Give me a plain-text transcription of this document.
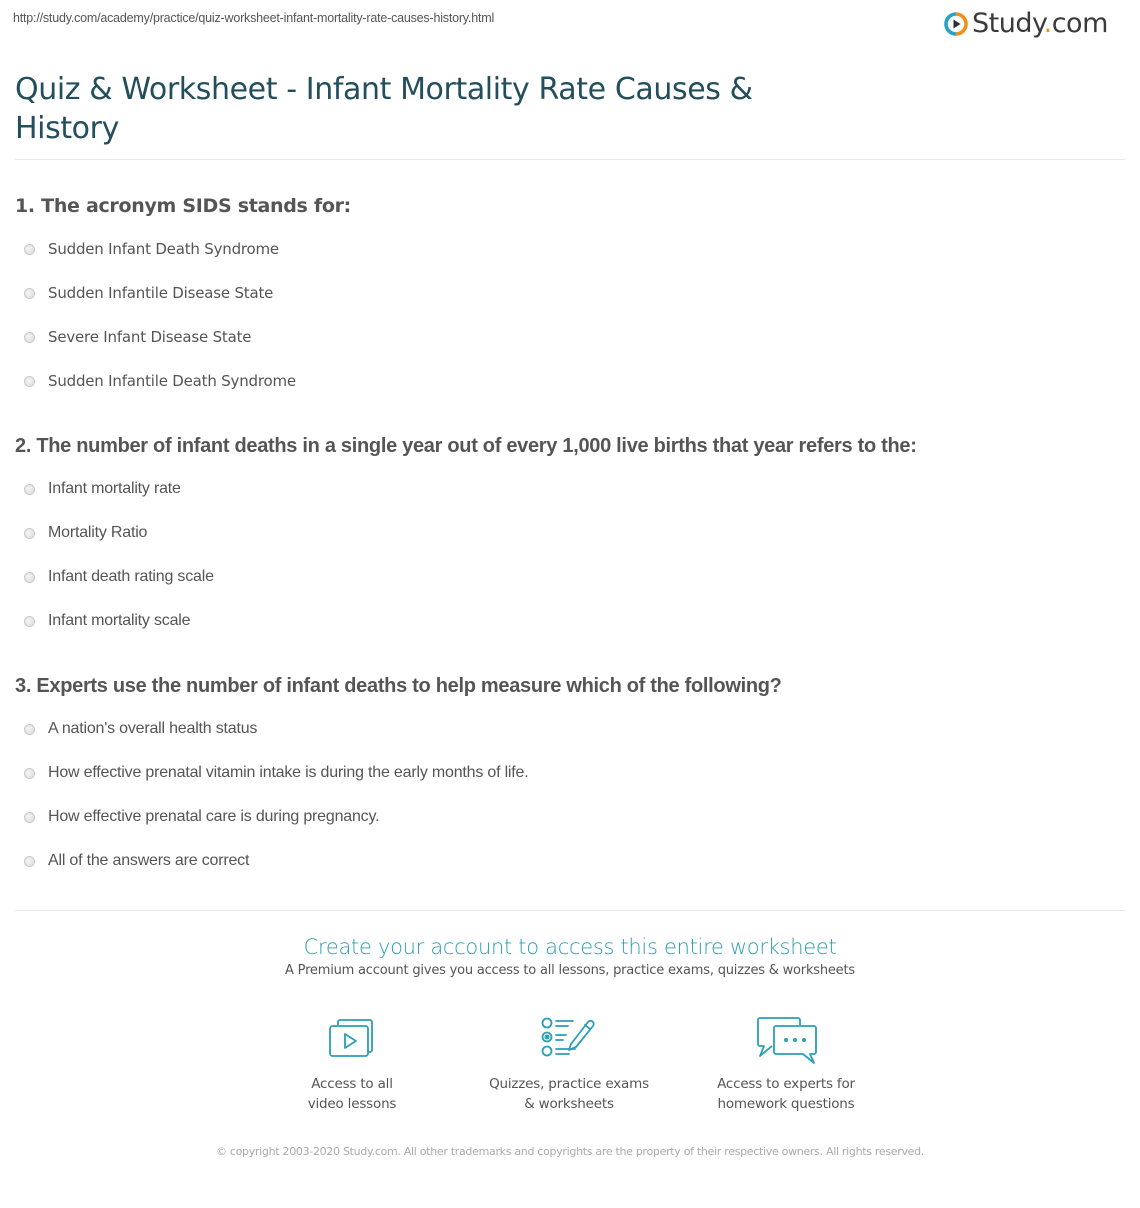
http://study.com/academy/practice/quiz-worksheet-infant-mortality-rate-causes-history.html	Study.com
Quiz & Worksheet - Infant Mortality Rate Causes & History
1. The acronym SIDS stands for:
Sudden Infant Death Syndrome
Sudden Infantile Disease State
Severe Infant Disease State
Sudden Infantile Death Syndrome
2. The number of infant deaths in a single year out of every 1,000 live births that year refers to the:
Infant mortality rate
Mortality Ratio
Infant death rating scale
Infant mortality scale
3. Experts use the number of infant deaths to help measure which of the following?
A nation's overall health status
How effective prenatal vitamin intake is during the early months of life.
How effective prenatal care is during pregnancy.
All of the answers are correct
Create your account to access this entire worksheet

A Premium account gives you access to all lessons, practice exams, quizzes & worksheets

Access to all
video lessons
Quizzes, practice exams
& worksheets
Access to experts for
homework questions
© copyright 2003-2020 Study.com. All other trademarks and copyrights are the property of their respective owners. All rights reserved.
